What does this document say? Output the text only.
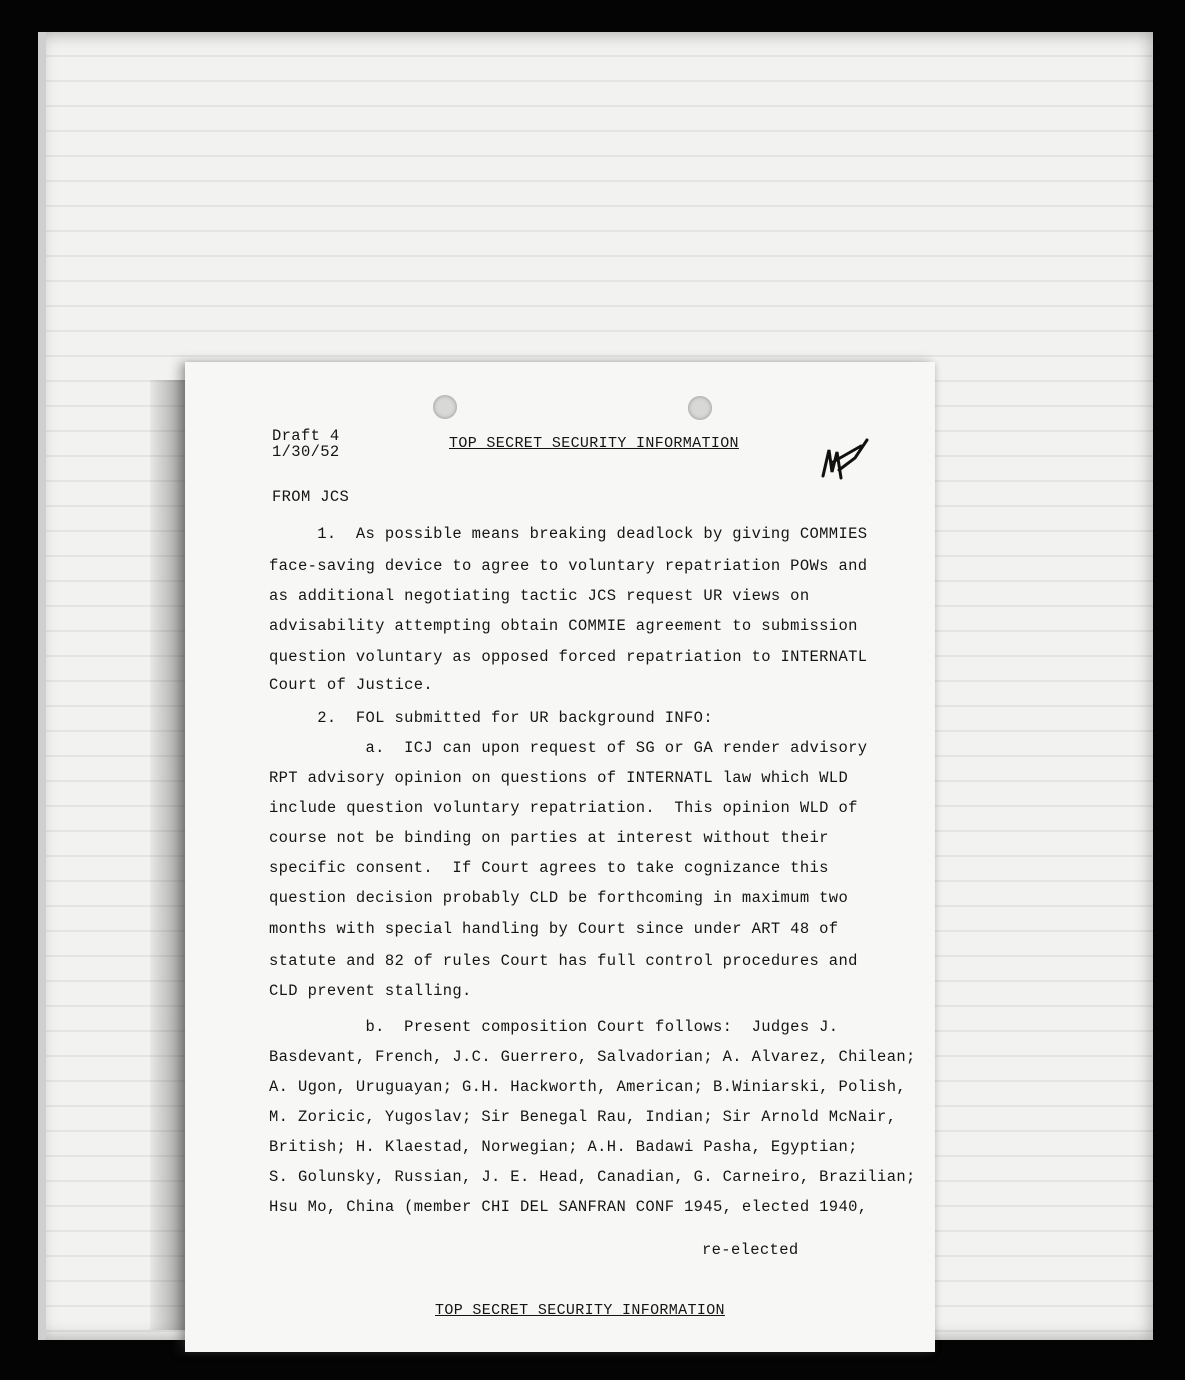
Draft 4
1/30/52	TOP SECRET SECURITY INFORMATION
FROM JCS
1.  As possible means breaking deadlock by giving COMMIES
face-saving device to agree to voluntary repatriation POWs and
as additional negotiating tactic JCS request UR views on
advisability attempting obtain COMMIE agreement to submission
question voluntary as opposed forced repatriation to INTERNATL
Court of Justice.
2.  FOL submitted for UR background INFO:
a.  ICJ can upon request of SG or GA render advisory
RPT advisory opinion on questions of INTERNATL law which WLD
include question voluntary repatriation.  This opinion WLD of
course not be binding on parties at interest without their
specific consent.  If Court agrees to take cognizance this
question decision probably CLD be forthcoming in maximum two
months with special handling by Court since under ART 48 of
statute and 82 of rules Court has full control procedures and
CLD prevent stalling.
b.  Present composition Court follows:  Judges J.
Basdevant, French, J.C. Guerrero, Salvadorian; A. Alvarez, Chilean;
A. Ugon, Uruguayan; G.H. Hackworth, American; B.Winiarski, Polish,
M. Zoricic, Yugoslav; Sir Benegal Rau, Indian; Sir Arnold McNair,
British; H. Klaestad, Norwegian; A.H. Badawi Pasha, Egyptian;
S. Golunsky, Russian, J. E. Head, Canadian, G. Carneiro, Brazilian;
Hsu Mo, China (member CHI DEL SANFRAN CONF 1945, elected 1940,
re-elected
TOP SECRET SECURITY INFORMATION
